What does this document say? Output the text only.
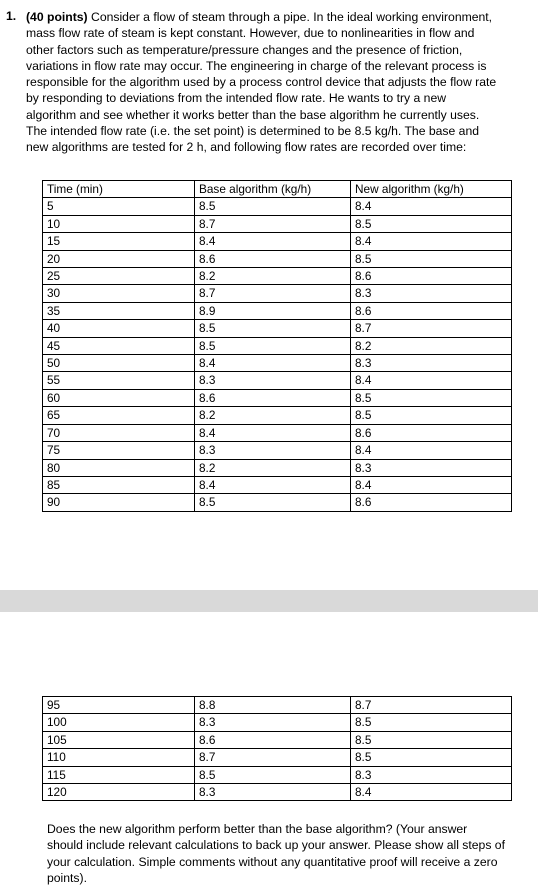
1. (40 points) Consider a flow of steam through a pipe. In the ideal working environment,
mass flow rate of steam is kept constant. However, due to nonlinearities in flow and
other factors such as temperature/pressure changes and the presence of friction,
variations in flow rate may occur. The engineering in charge of the relevant process is
responsible for the algorithm used by a process control device that adjusts the flow rate
by responding to deviations from the intended flow rate. He wants to try a new
algorithm and see whether it works better than the base algorithm he currently uses.
The intended flow rate (i.e. the set point) is determined to be 8.5 kg/h. The base and
new algorithms are tested for 2 h, and following flow rates are recorded over time:
Time (min)	Base algorithm (kg/h)	New algorithm (kg/h)
5	8.5	8.4
10	8.7	8.5
15	8.4	8.4
20	8.6	8.5
25	8.2	8.6
30	8.7	8.3
35	8.9	8.6
40	8.5	8.7
45	8.5	8.2
50	8.4	8.3
55	8.3	8.4
60	8.6	8.5
65	8.2	8.5
70	8.4	8.6
75	8.3	8.4
80	8.2	8.3
85	8.4	8.4
90	8.5	8.6
95	8.8	8.7
100	8.3	8.5
105	8.6	8.5
110	8.7	8.5
115	8.5	8.3
120	8.3	8.4
Does the new algorithm perform better than the base algorithm? (Your answer
should include relevant calculations to back up your answer. Please show all steps of
your calculation. Simple comments without any quantitative proof will receive a zero
points).
